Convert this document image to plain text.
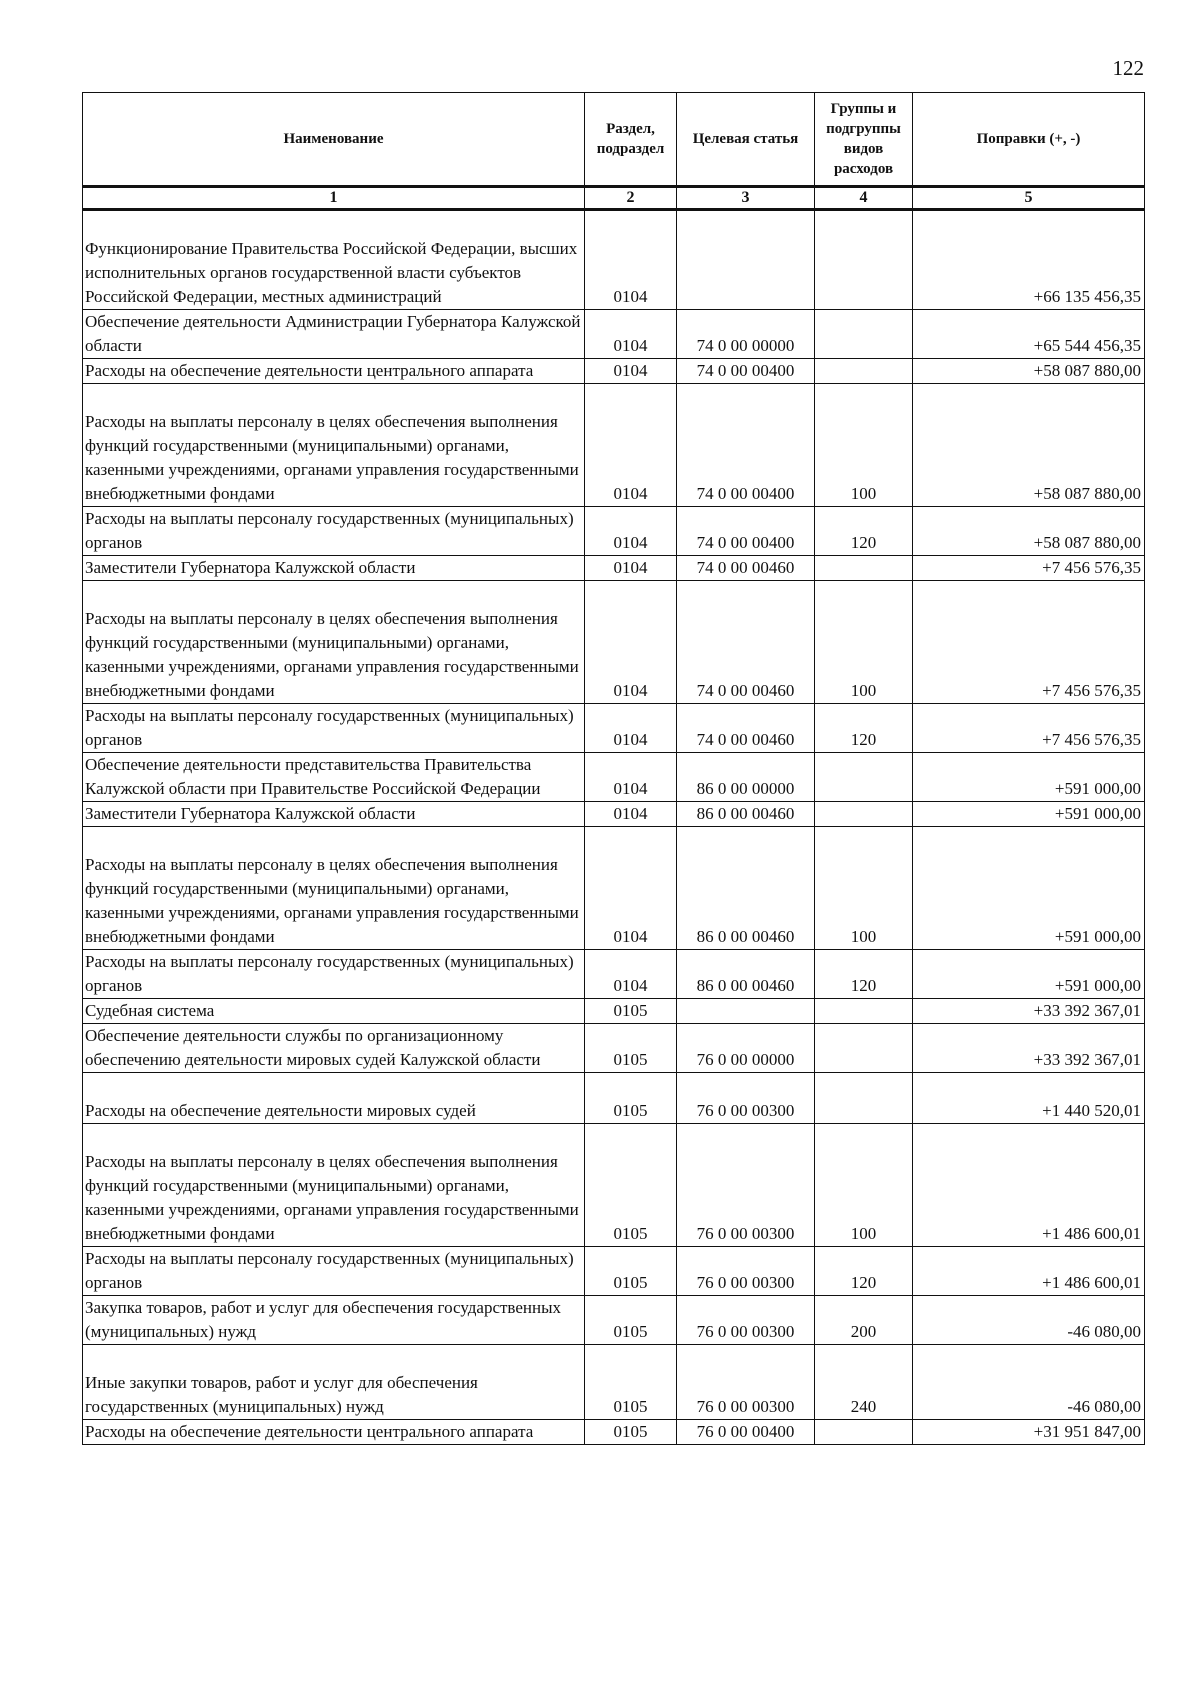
122
Наименование	Раздел, подраздел	Целевая статья	Группы и подгруппы видов расходов	Поправки (+, -)
1	2	3	4	5

Функционирование Правительства Российской Федерации, высших исполнительных органов государственной власти субъектов Российской Федерации, местных администраций	0104			+66 135 456,35
Обеспечение деятельности Администрации Губернатора Калужской области	0104	74 0 00 00000		+65 544 456,35
Расходы на обеспечение деятельности центрального аппарата	0104	74 0 00 00400		+58 087 880,00

Расходы на выплаты персоналу в целях обеспечения выполнения функций государственными (муниципальными) органами, казенными учреждениями, органами управления государственными внебюджетными фондами	0104	74 0 00 00400	100	+58 087 880,00
Расходы на выплаты персоналу государственных (муниципальных) органов	0104	74 0 00 00400	120	+58 087 880,00
Заместители Губернатора Калужской области	0104	74 0 00 00460		+7 456 576,35

Расходы на выплаты персоналу в целях обеспечения выполнения функций государственными (муниципальными) органами, казенными учреждениями, органами управления государственными внебюджетными фондами	0104	74 0 00 00460	100	+7 456 576,35
Расходы на выплаты персоналу государственных (муниципальных) органов	0104	74 0 00 00460	120	+7 456 576,35
Обеспечение деятельности представительства Правительства Калужской области при Правительстве Российской Федерации	0104	86 0 00 00000		+591 000,00
Заместители Губернатора Калужской области	0104	86 0 00 00460		+591 000,00

Расходы на выплаты персоналу в целях обеспечения выполнения функций государственными (муниципальными) органами, казенными учреждениями, органами управления государственными внебюджетными фондами	0104	86 0 00 00460	100	+591 000,00
Расходы на выплаты персоналу государственных (муниципальных) органов	0104	86 0 00 00460	120	+591 000,00
Судебная система	0105			+33 392 367,01
Обеспечение деятельности службы по организационному обеспечению деятельности мировых судей Калужской области	0105	76 0 00 00000		+33 392 367,01

Расходы на обеспечение деятельности мировых судей	0105	76 0 00 00300		+1 440 520,01

Расходы на выплаты персоналу в целях обеспечения выполнения функций государственными (муниципальными) органами, казенными учреждениями, органами управления государственными внебюджетными фондами	0105	76 0 00 00300	100	+1 486 600,01
Расходы на выплаты персоналу государственных (муниципальных) органов	0105	76 0 00 00300	120	+1 486 600,01
Закупка товаров, работ и услуг для обеспечения государственных (муниципальных) нужд	0105	76 0 00 00300	200	-46 080,00

Иные закупки товаров, работ и услуг для обеспечения государственных (муниципальных) нужд	0105	76 0 00 00300	240	-46 080,00
Расходы на обеспечение деятельности центрального аппарата	0105	76 0 00 00400		+31 951 847,00
